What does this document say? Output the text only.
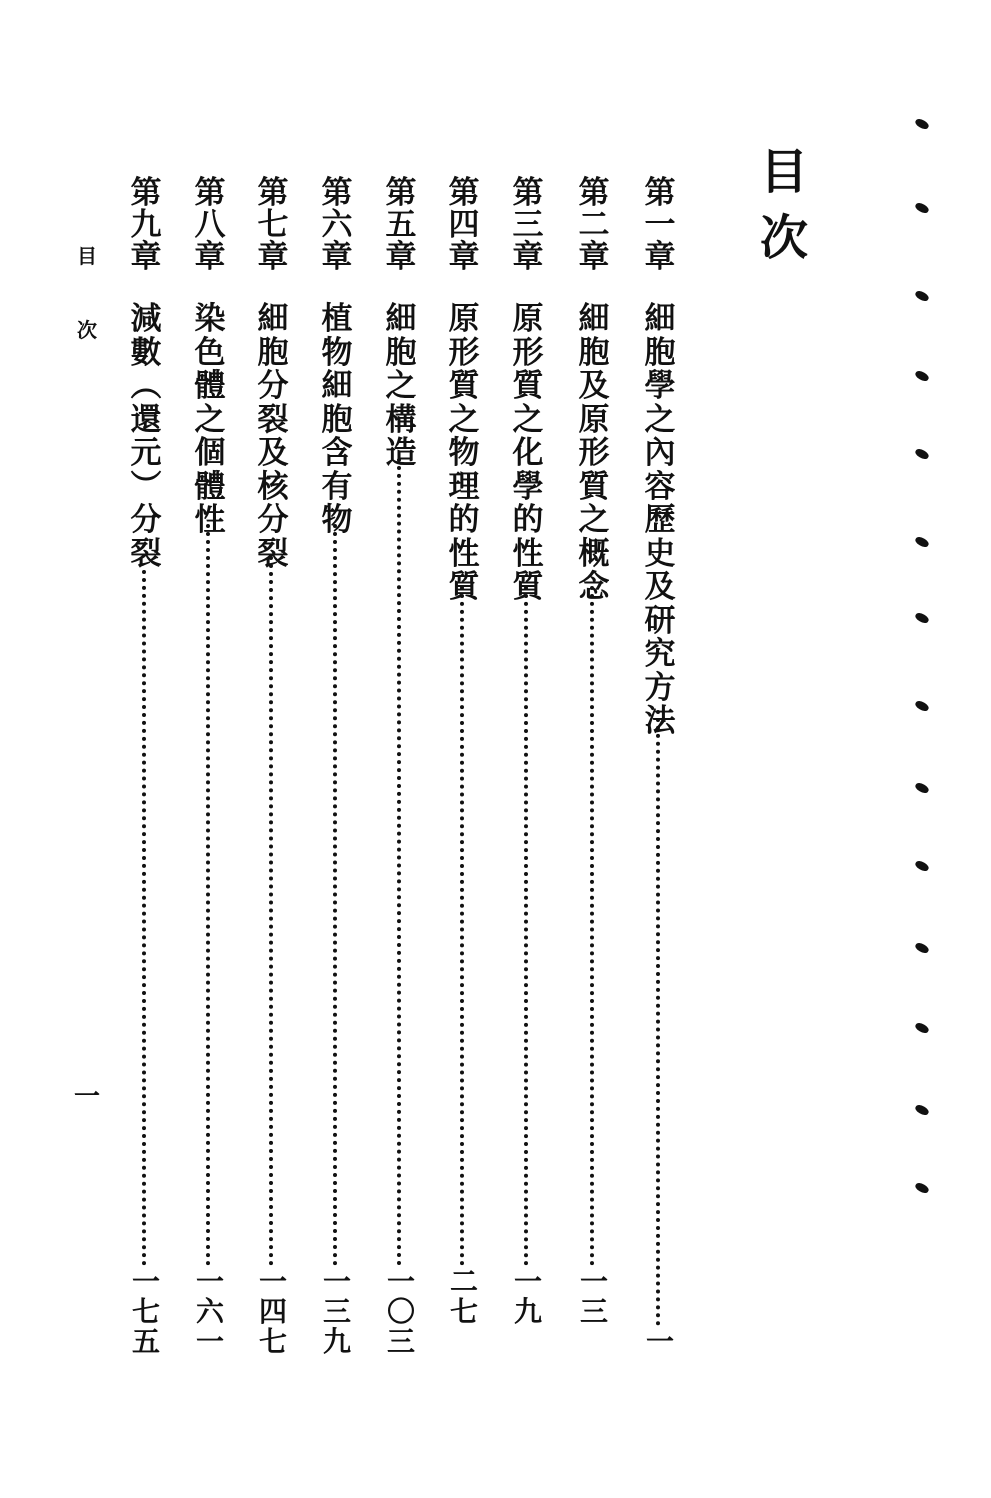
目
次
第
一
章
細
胞
學
之
內
容
歷
史
及
研
究
方
法
一
第
二
章
細
胞
及
原
形
質
之
概
念
一
三
第
三
章
原
形
質
之
化
學
的
性
質
一
九
第
四
章
原
形
質
之
物
理
的
性
質
二
七
第
五
章
細
胞
之
構
造
一
〇
三
第
六
章
植
物
細
胞
含
有
物
一
三
九
第
七
章
細
胞
分
裂
及
核
分
裂
一
四
七
第
八
章
染
色
體
之
個
體
性
一
六
一
第
九
章
減
數
︵
還
元
︶
分
裂
一
七
五
目
次
一
